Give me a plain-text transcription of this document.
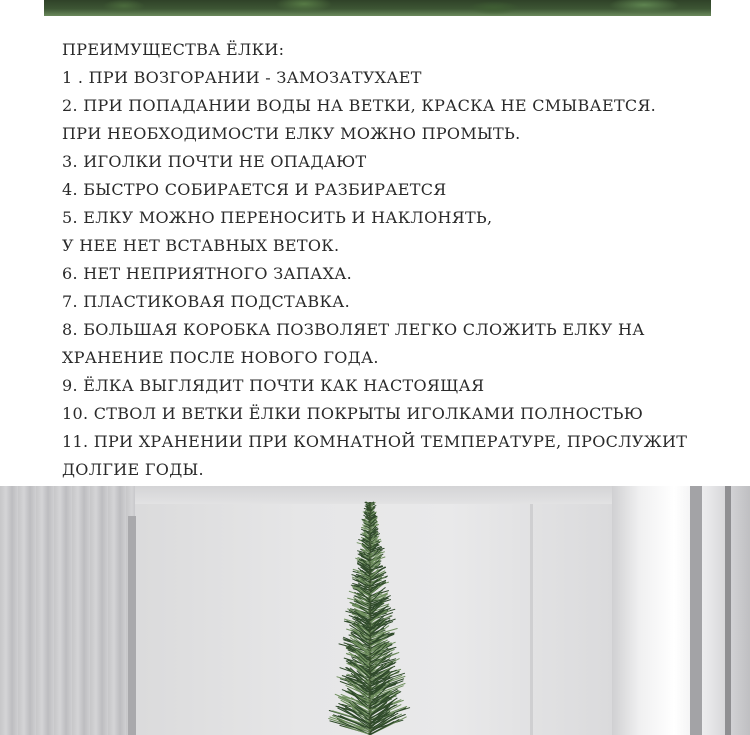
ПРЕИМУЩЕСТВА ЁЛКИ:
1 . ПРИ ВОЗГОРАНИИ - ЗАМОЗАТУХАЕТ
2. ПРИ ПОПАДАНИИ ВОДЫ НА ВЕТКИ, КРАСКА НЕ СМЫВАЕТСЯ.
ПРИ НЕОБХОДИМОСТИ ЕЛКУ МОЖНО ПРОМЫТЬ.
3. ИГОЛКИ ПОЧТИ НЕ ОПАДАЮТ
4. БЫСТРО СОБИРАЕТСЯ И РАЗБИРАЕТСЯ
5. ЕЛКУ МОЖНО ПЕРЕНОСИТЬ И НАКЛОНЯТЬ,
У НЕЕ НЕТ ВСТАВНЫХ ВЕТОК.
6. НЕТ НЕПРИЯТНОГО ЗАПАХА.
7. ПЛАСТИКОВАЯ ПОДСТАВКА.
8. БОЛЬШАЯ КОРОБКА ПОЗВОЛЯЕТ ЛЕГКО СЛОЖИТЬ ЕЛКУ НА
ХРАНЕНИЕ ПОСЛЕ НОВОГО ГОДА.
9. ЁЛКА ВЫГЛЯДИТ ПОЧТИ КАК НАСТОЯЩАЯ
10. СТВОЛ И ВЕТКИ ЁЛКИ ПОКРЫТЫ ИГОЛКАМИ ПОЛНОСТЬЮ
11. ПРИ ХРАНЕНИИ ПРИ КОМНАТНОЙ ТЕМПЕРАТУРЕ, ПРОСЛУЖИТ
ДОЛГИЕ ГОДЫ.
